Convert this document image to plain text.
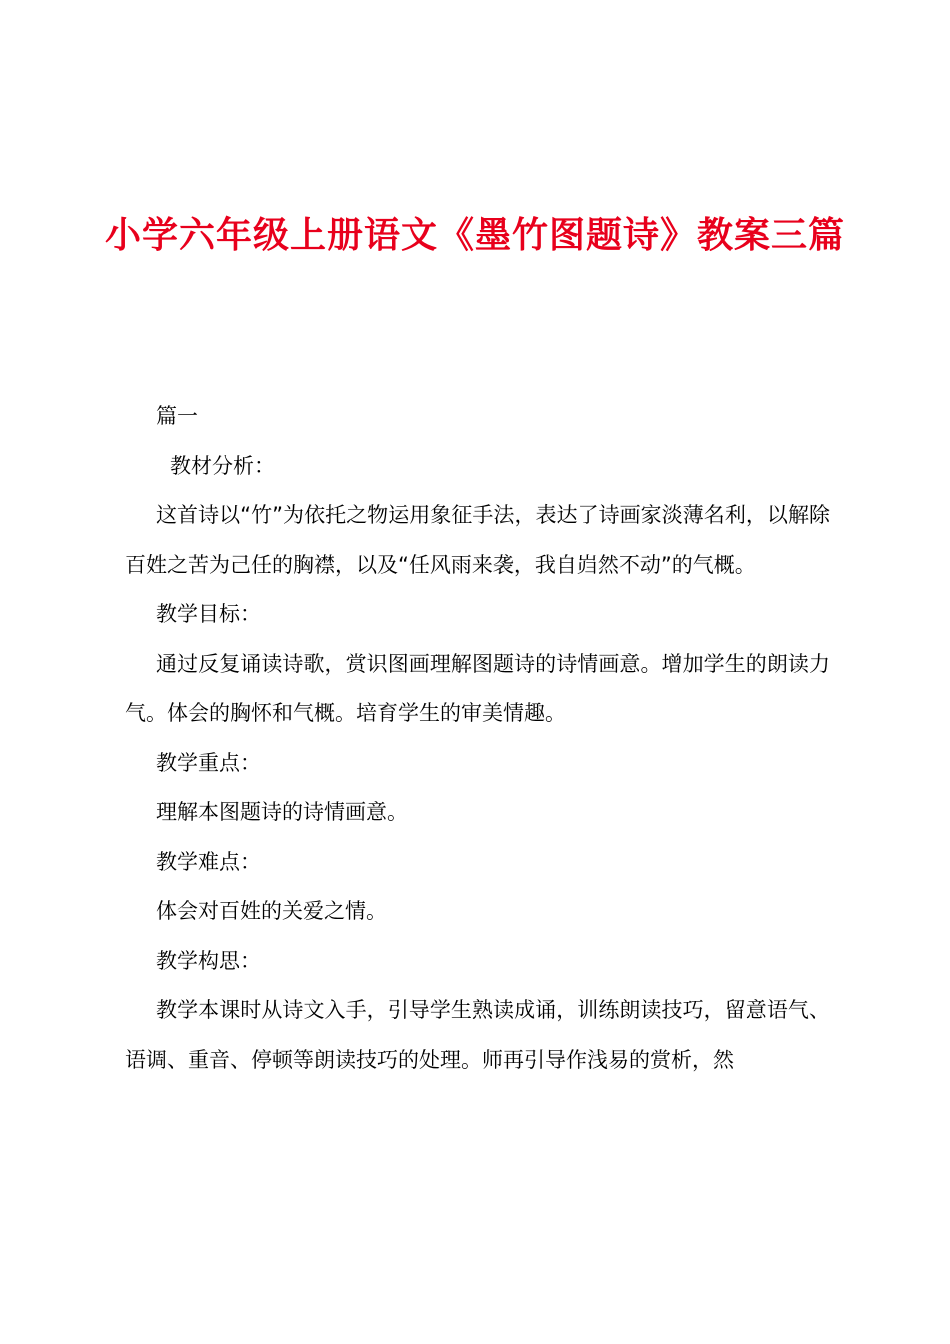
小学六年级上册语文《墨竹图题诗》教案三篇

篇一

教材分析：

这首诗以“竹”为依托之物运用象征手法，表达了诗画家淡薄名利，以解除百姓之苦为己任的胸襟，以及“任风雨来袭，我自岿然不动”的气概。

教学目标：

通过反复诵读诗歌，赏识图画理解图题诗的诗情画意。增加学生的朗读力气。体会的胸怀和气概。培育学生的审美情趣。

教学重点：

理解本图题诗的诗情画意。

教学难点：

体会对百姓的关爱之情。

教学构思：

教学本课时从诗文入手，引导学生熟读成诵，训练朗读技巧，留意语气、语调、重音、停顿等朗读技巧的处理。师再引导作浅易的赏析，然
